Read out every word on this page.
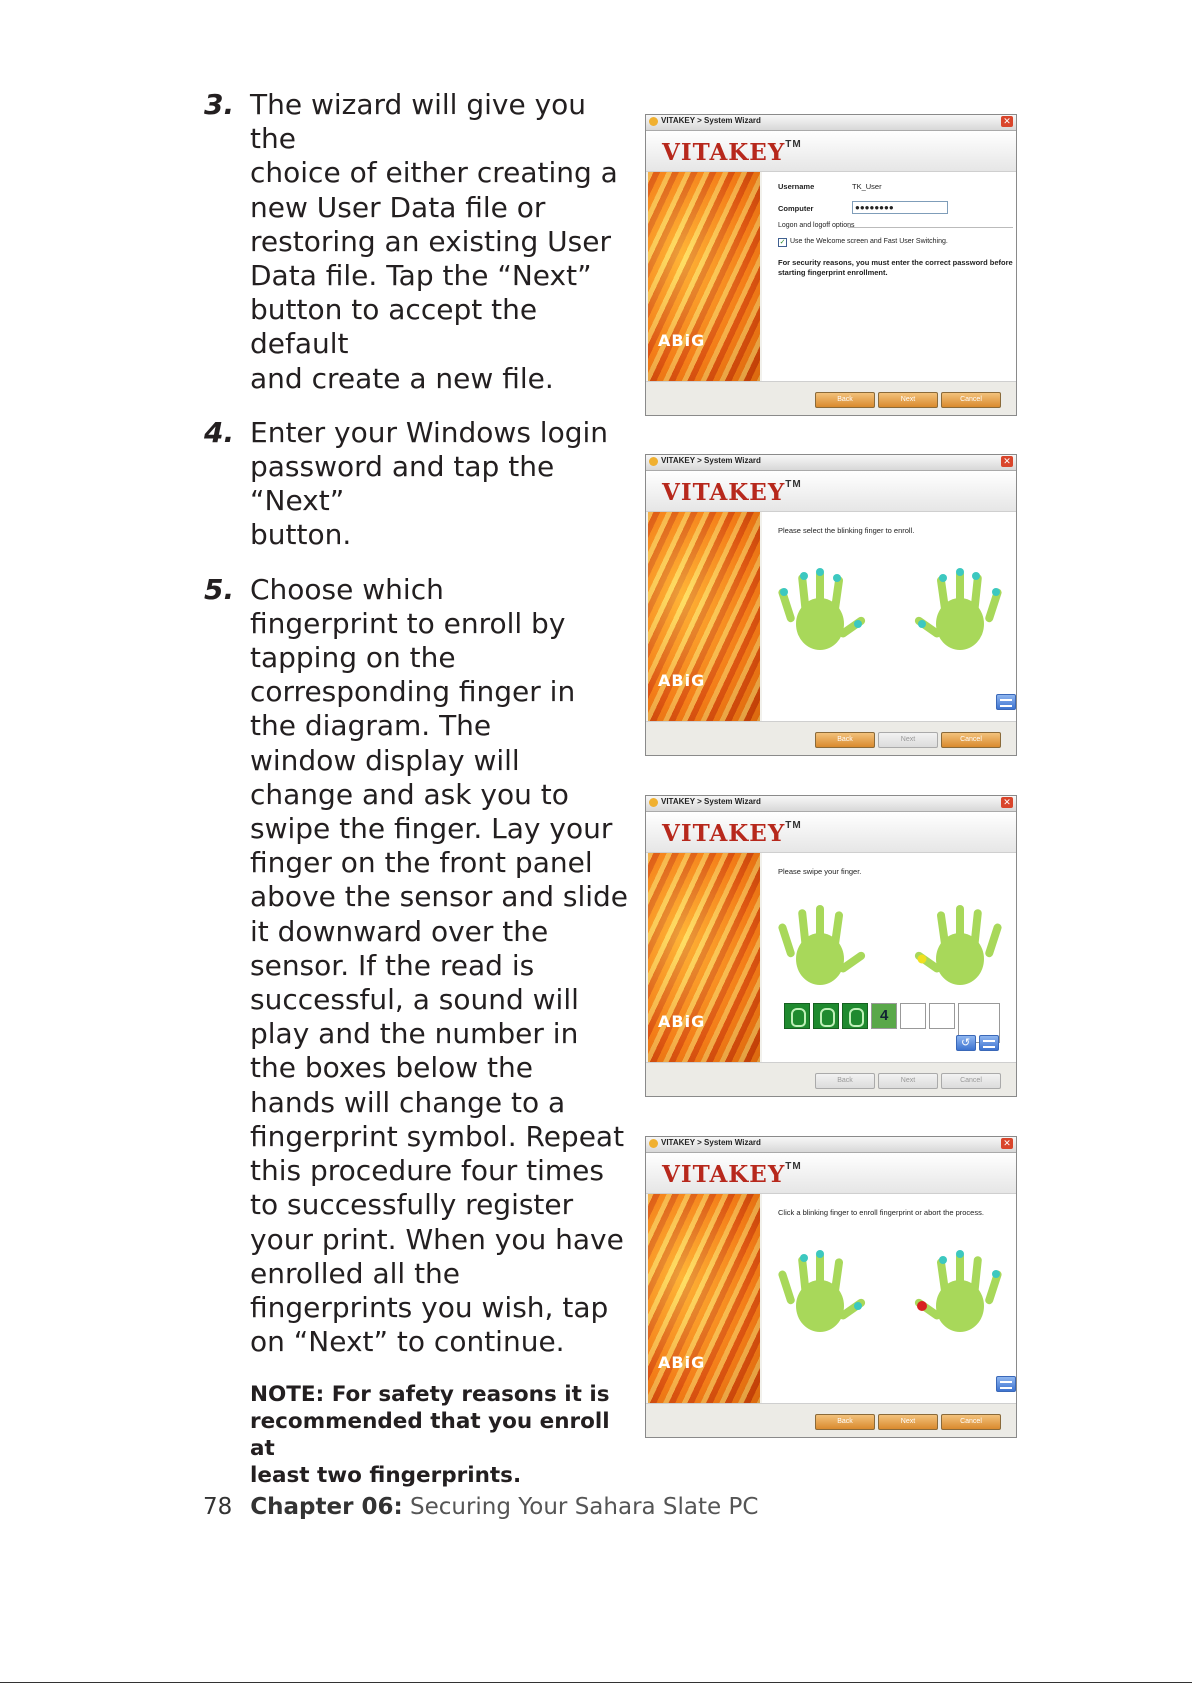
3. The wizard will give you the
choice of either creating a
new User Data file or
restoring an existing User
Data file. Tap the “Next”
button to accept the default
and create a new file.
4. Enter your Windows login
password and tap the “Next”
button.
5. Choose which
fingerprint to enroll by
tapping on the
corresponding finger in
the diagram. The
window display will
change and ask you to
swipe the finger. Lay your
finger on the front panel
above the sensor and slide
it downward over the
sensor. If the read is
successful, a sound will
play and the number in
the boxes below the
hands will change to a
fingerprint symbol. Repeat
this procedure four times
to successfully register
your print. When you have
enrolled all the
fingerprints you wish, tap
on “Next” to continue.
NOTE: For safety reasons it is
recommended that you enroll at
least two fingerprints.
VITAKEY > System Wizard	✕
VITAKEY™
ABiG
Username	TK_User
Computer	●●●●●●●●
Logon and logoff options
✓ Use the Welcome screen and Fast User Switching.
For security reasons, you must enter the correct password before starting fingerprint enrollment.
Back	Next	Cancel
VITAKEY > System Wizard	✕
VITAKEY™
ABiG
Please select the blinking finger to enroll.
Back	Next	Cancel
VITAKEY > System Wizard	✕
VITAKEY™
ABiG
Please swipe your finger.
4
↺
Back	Next	Cancel
VITAKEY > System Wizard	✕
VITAKEY™
ABiG
Click a blinking finger to enroll fingerprint or abort the process.
Back	Next	Cancel
78 Chapter 06: Securing Your Sahara Slate PC
